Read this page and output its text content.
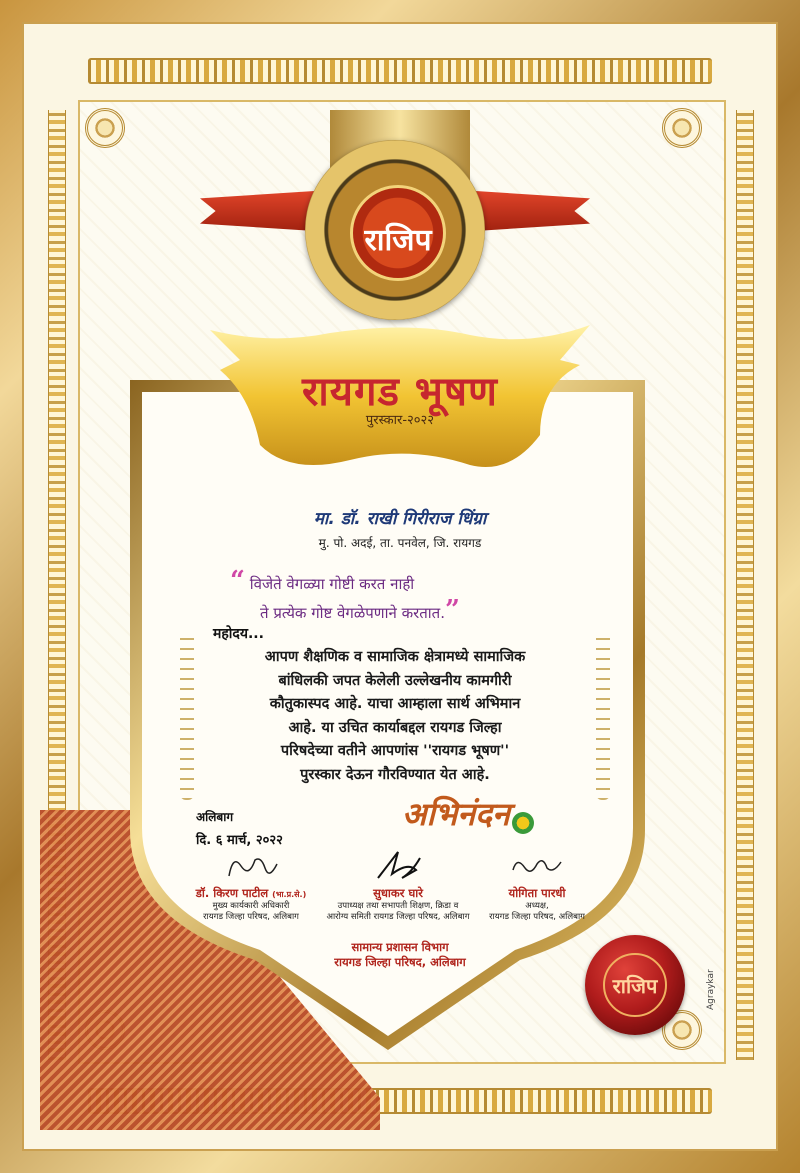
राजिप
रायगड भूषण
पुरस्कार-२०२२
मा. डॉ. राखी गिरीराज धिंग्रा
मु. पो. अदई, ता. पनवेल, जि. रायगड
“ विजेते वेगळ्या गोष्टी करत नाही
ते प्रत्येक गोष्ट वेगळेपणाने करतात.”
महोदय...
आपण शैक्षणिक व सामाजिक क्षेत्रामध्ये सामाजिक
बांधिलकी जपत केलेली उल्लेखनीय कामगीरी
कौतुकास्पद आहे. याचा आम्हाला सार्थ अभिमान
आहे. या उचित कार्याबद्दल रायगड जिल्हा
परिषदेच्या वतीने आपणांस ''रायगड भूषण''
पुरस्कार देऊन गौरविण्यात येत आहे.
अलिबाग
दि. ६ मार्च, २०२२
अभिनंदन
डॉ. किरण पाटील (भा.प्र.से.)
मुख्य कार्यकारी अधिकारी
रायगड जिल्हा परिषद, अलिबाग
सुधाकर घारे
उपाध्यक्ष तथा सभापती शिक्षण, क्रिडा व
आरोग्य समिती रायगड जिल्हा परिषद, अलिबाग
योगिता पारधी
अध्यक्ष,
रायगड जिल्हा परिषद, अलिबाग
सामान्य प्रशासन विभाग
रायगड जिल्हा परिषद, अलिबाग
राजिप	Agraykar
